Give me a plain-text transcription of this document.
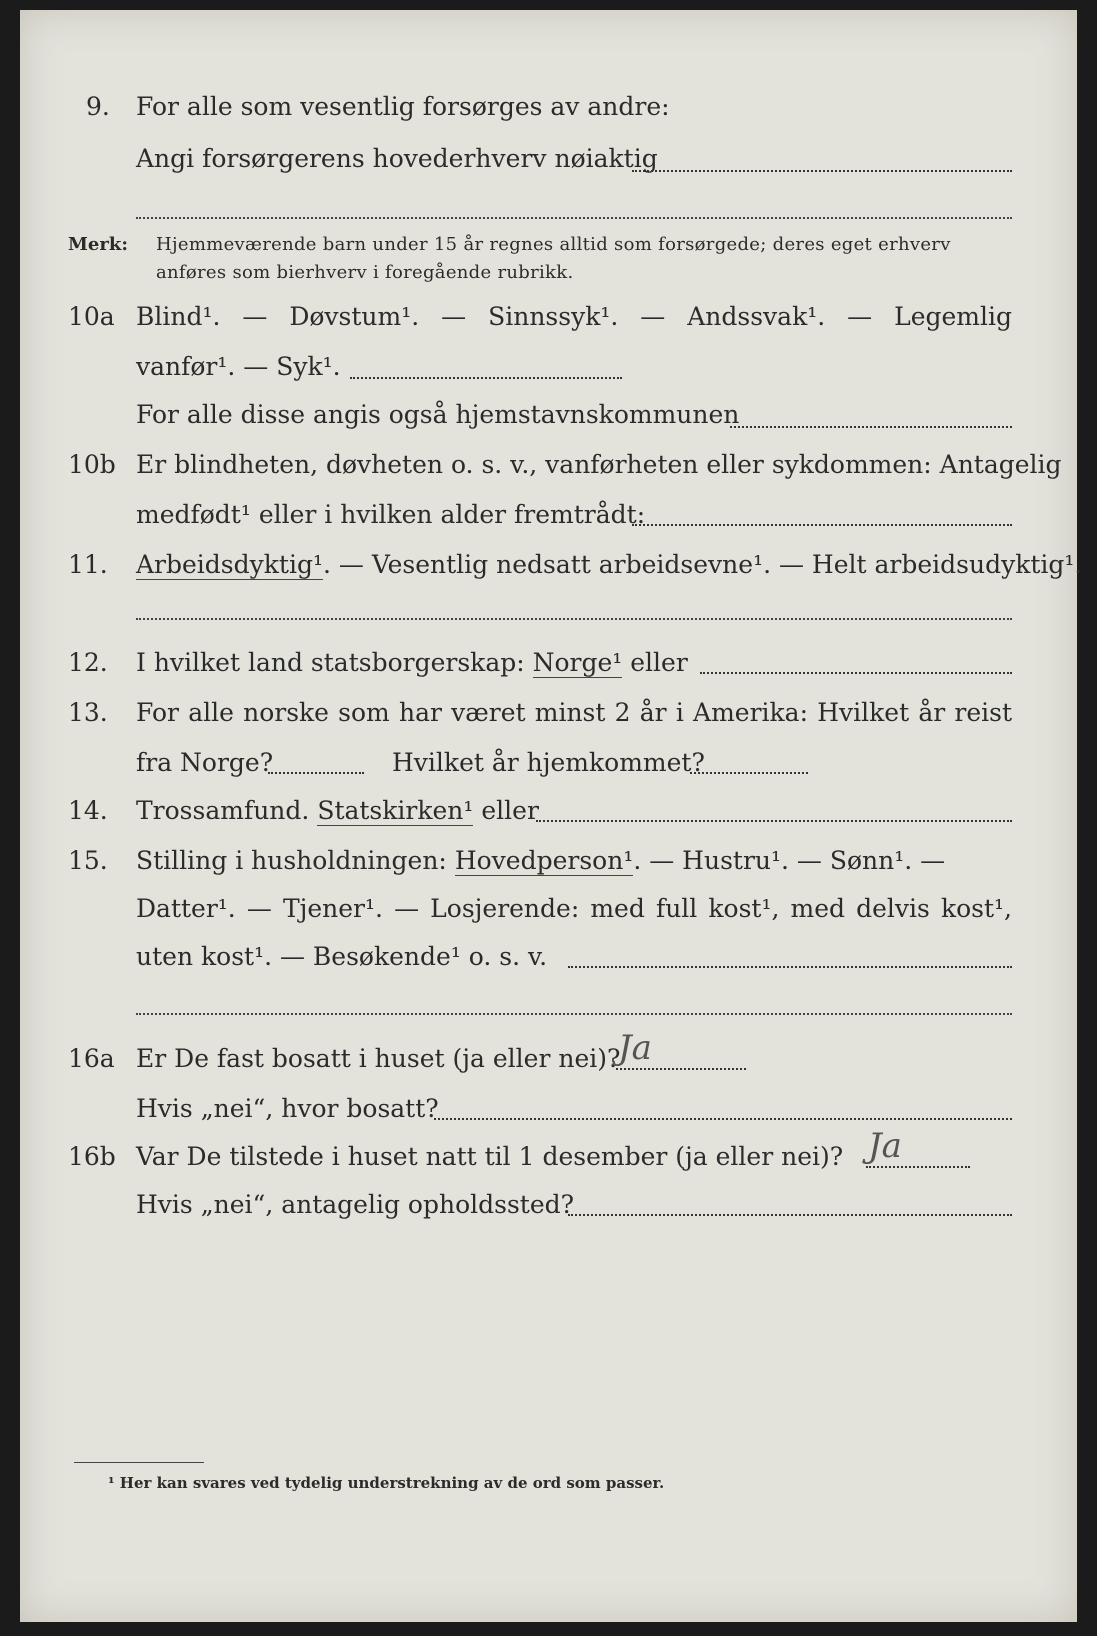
9. For alle som vesentlig forsørges av andre:
Angi forsørgerens hovederhverv nøiaktig
Merk: Hjemmeværende barn under 15 år regnes alltid som forsørgede; deres eget erhverv
anføres som bierhverv i foregående rubrikk.
10a Blind¹. — Døvstum¹. — Sinnssyk¹. — Andssvak¹. — Legemlig
vanfør¹. — Syk¹.
For alle disse angis også hjemstavnskommunen
10b Er blindheten, døvheten o. s. v., vanførheten eller sykdommen: Antagelig
medfødt¹ eller i hvilken alder fremtrådt:
11. Arbeidsdyktig¹. — Vesentlig nedsatt arbeidsevne¹. — Helt arbeidsudyktig¹.
12. I hvilket land statsborgerskap: Norge¹ eller
13. For alle norske som har været minst 2 år i Amerika: Hvilket år reist
fra Norge?	Hvilket år hjemkommet?
14. Trossamfund. Statskirken¹ eller
15. Stilling i husholdningen: Hovedperson¹. — Hustru¹. — Sønn¹. —
Datter¹. — Tjener¹. — Losjerende: med full kost¹, med delvis kost¹,
uten kost¹. — Besøkende¹ o. s. v.
16a Er De fast bosatt i huset (ja eller nei)?
Ja
Hvis „nei“, hvor bosatt?
16b Var De tilstede i huset natt til 1 desember (ja eller nei)? Ja
Hvis „nei“, antagelig opholdssted?
¹ Her kan svares ved tydelig understrekning av de ord som passer.
